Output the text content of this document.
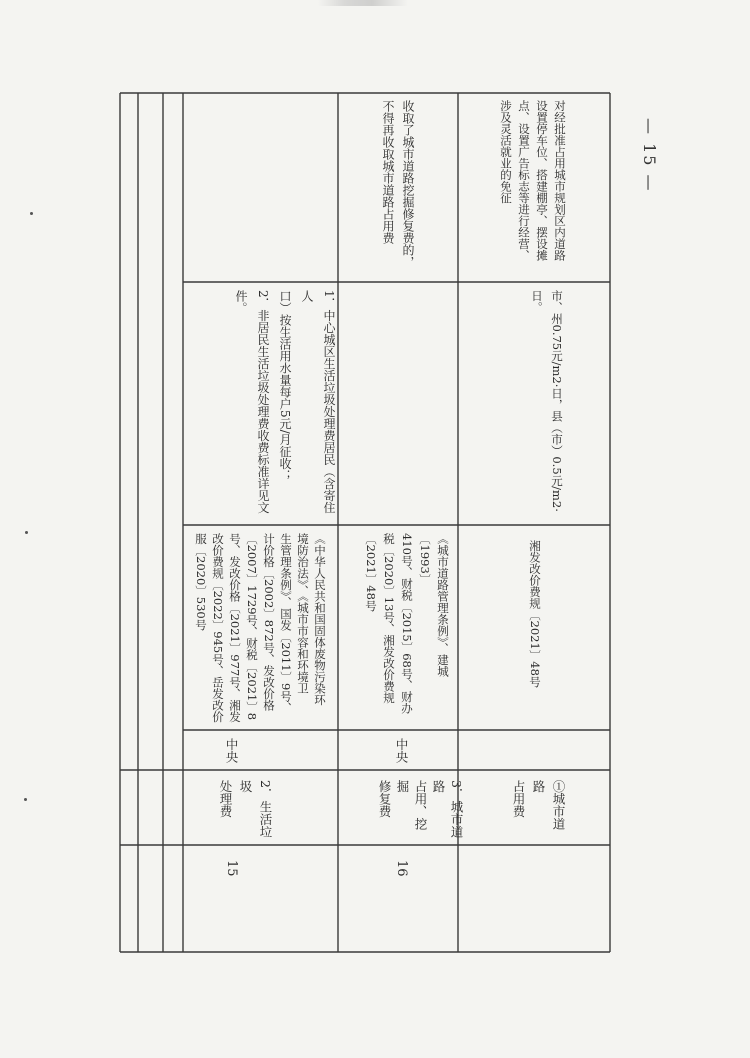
15
2．生活垃圾
处理费
中央
《中华人民共和国固体废物污染环
境防治法》、《城市市容和环境卫
生管理条例》、国发〔2011〕9号、
计价格〔2002〕872号、发改价格
〔2007〕1729号、财税〔2021〕8
号、发改价格〔2021〕977号、湘发
改价费规〔2022〕945号、岳发改价
服〔2020〕530号
1．中心城区生活垃圾处理费居民（含寄住人
口）按生活用水量每户5元/月征收；
2．非居民生活垃圾处理费收费标准详见文
件。
16
3．城市道路
占用、挖掘
修复费
中央
《城市道路管理条例》、建城〔1993〕
410号、财税〔2015〕68号、财办
税〔2020〕13号、湘发改价费规
〔2021〕48号
收取了城市道路挖掘修复费的，
不得再收取城市道路占用费
①城市道路
占用费
湘发改价费规〔2021〕48号
市、州0.75元/m2·日，县（市）0.5元/m2·日。
对经批准占用城市规划区内道路
设置停车位、搭建棚亭、摆设摊
点、设置广告标志等进行经营、
涉及灵活就业的免征	— 15 —
